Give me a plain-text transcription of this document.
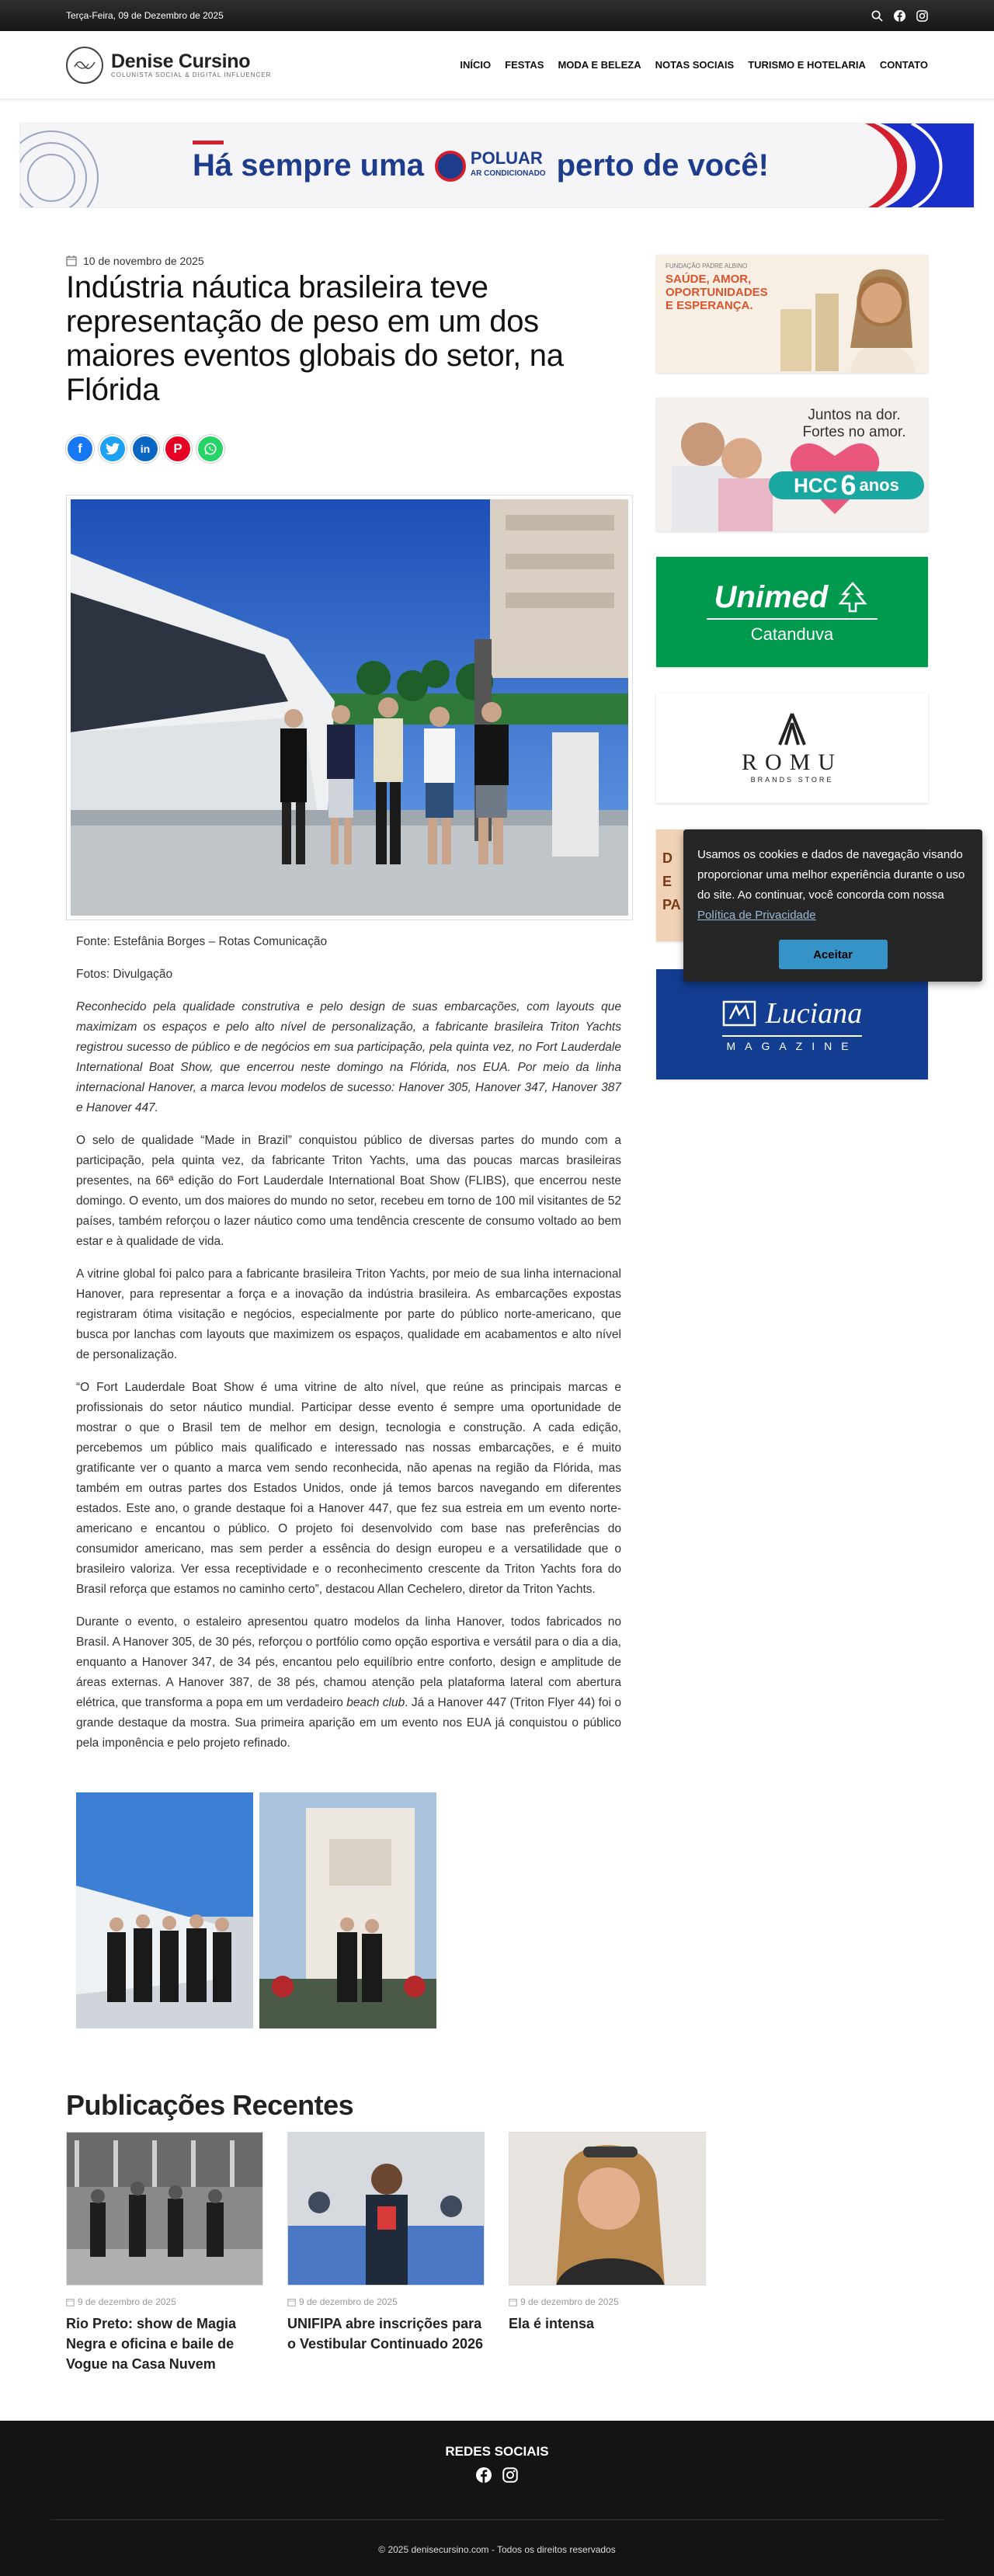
Terça-Feira, 09 de Dezembro de 2025
Denise Cursino
COLUNISTA SOCIAL & DIGITAL INFLUENCER
INÍCIO FESTAS MODA E BELEZA NOTAS SOCIAIS TURISMO E HOTELARIA CONTATO
Há sempre uma	POLUAR
AR CONDICIONADO perto de você!
10 de novembro de 2025
Indústria náutica brasileira teve representação de peso em um dos maiores eventos globais do setor, na Flórida
f	in	P

Fonte: Estefânia Borges – Rotas Comunicação

Fotos: Divulgação

Reconhecido pela qualidade construtiva e pelo design de suas embarcações, com layouts que maximizam os espaços e pelo alto nível de personalização, a fabricante brasileira Triton Yachts registrou sucesso de público e de negócios em sua participação, pela quinta vez, no Fort Lauderdale International Boat Show, que encerrou neste domingo na Flórida, nos EUA. Por meio da linha internacional Hanover, a marca levou modelos de sucesso: Hanover 305, Hanover 347, Hanover 387 e Hanover 447.

O selo de qualidade “Made in Brazil” conquistou público de diversas partes do mundo com a participação, pela quinta vez, da fabricante Triton Yachts, uma das poucas marcas brasileiras presentes, na 66ª edição do Fort Lauderdale International Boat Show (FLIBS), que encerrou neste domingo. O evento, um dos maiores do mundo no setor, recebeu em torno de 100 mil visitantes de 52 países, também reforçou o lazer náutico como uma tendência crescente de consumo voltado ao bem estar e à qualidade de vida.

A vitrine global foi palco para a fabricante brasileira Triton Yachts, por meio de sua linha internacional Hanover, para representar a força e a inovação da indústria brasileira. As embarcações expostas registraram ótima visitação e negócios, especialmente por parte do público norte-americano, que busca por lanchas com layouts que maximizem os espaços, qualidade em acabamentos e alto nível de personalização.

“O Fort Lauderdale Boat Show é uma vitrine de alto nível, que reúne as principais marcas e profissionais do setor náutico mundial. Participar desse evento é sempre uma oportunidade de mostrar o que o Brasil tem de melhor em design, tecnologia e construção. A cada edição, percebemos um público mais qualificado e interessado nas nossas embarcações, e é muito gratificante ver o quanto a marca vem sendo reconhecida, não apenas na região da Flórida, mas também em outras partes dos Estados Unidos, onde já temos barcos navegando em diferentes estados. Este ano, o grande destaque foi a Hanover 447, que fez sua estreia em um evento norte-americano e encantou o público. O projeto foi desenvolvido com base nas preferências do consumidor americano, mas sem perder a essência do design europeu e a versatilidade que o brasileiro valoriza. Ver essa receptividade e o reconhecimento crescente da Triton Yachts fora do Brasil reforça que estamos no caminho certo”, destacou Allan Cechelero, diretor da Triton Yachts.

Durante o evento, o estaleiro apresentou quatro modelos da linha Hanover, todos fabricados no Brasil. A Hanover 305, de 30 pés, reforçou o portfólio como opção esportiva e versátil para o dia a dia, enquanto a Hanover 347, de 34 pés, encantou pelo equilíbrio entre conforto, design e amplitude de áreas externas. A Hanover 387, de 38 pés, chamou atenção pela plataforma lateral com abertura elétrica, que transforma a popa em um verdadeiro beach club. Já a Hanover 447 (Triton Flyer 44) foi o grande destaque da mostra. Sua primeira aparição em um evento nos EUA já conquistou o público pela imponência e pelo projeto refinado.

FUNDAÇÃO PADRE ALBINO
SAÚDE, AMOR,
OPORTUNIDADES
E ESPERANÇA.
Juntos na dor.
Fortes no amor.
HCC 6 anos
Unimed
Catanduva
ROMU
BRANDS STORE
DE PA
Luciana
MAGAZINE
Usamos os cookies e dados de navegação visando proporcionar uma melhor experiência durante o uso do site. Ao continuar, você concorda com nossa Política de Privacidade
Aceitar
Publicações Recentes
9 de dezembro de 2025
Rio Preto: show de Magia Negra e oficina e baile de Vogue na Casa Nuvem
9 de dezembro de 2025
UNIFIPA abre inscrições para o Vestibular Continuado 2026
9 de dezembro de 2025
Ela é intensa
REDES SOCIAIS
© 2025 denisecursino.com - Todos os direitos reservados
